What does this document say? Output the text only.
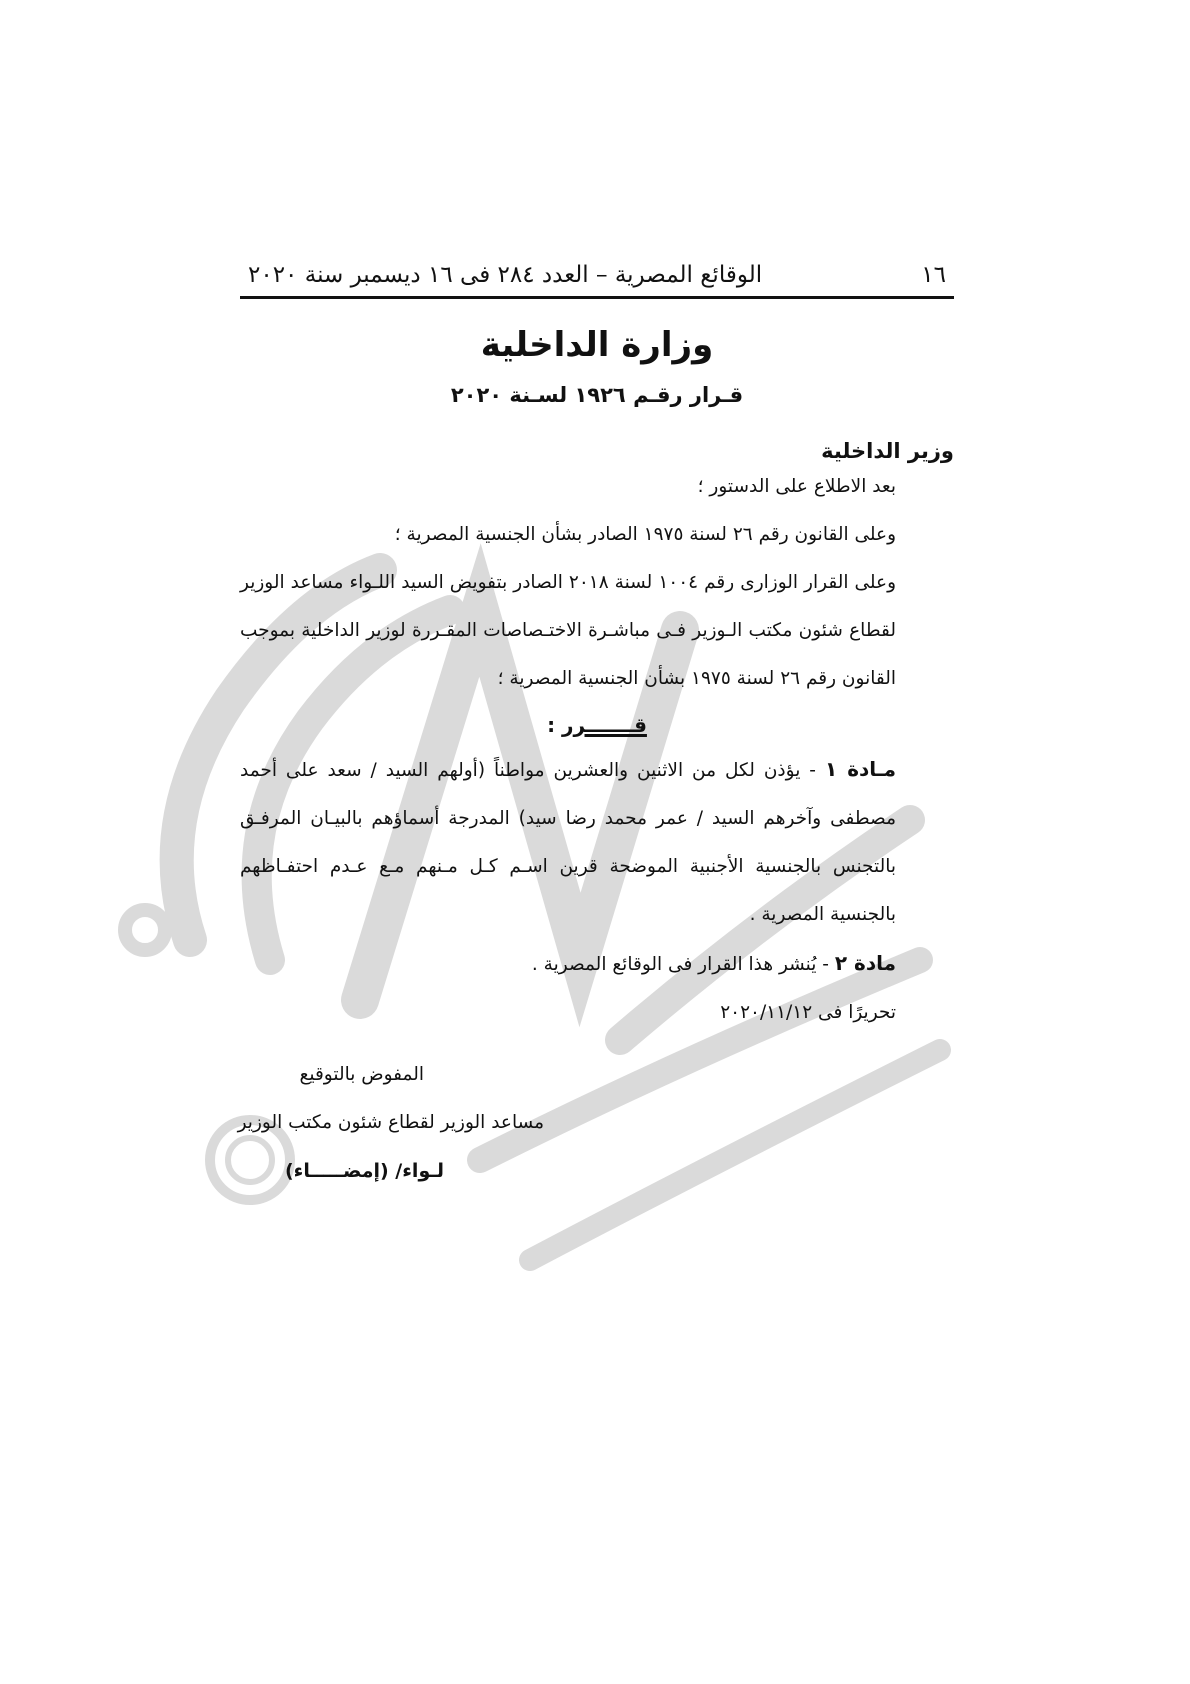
١٦
الوقائع المصرية – العدد ٢٨٤ فى ١٦ ديسمبر سنة ٢٠٢٠
وزارة الداخلية
قـرار رقـم ١٩٢٦ لسـنة ٢٠٢٠
وزير الداخلية
بعد الاطلاع على الدستور ؛
وعلى القانون رقم ٢٦ لسنة ١٩٧٥ الصادر بشأن الجنسية المصرية ؛
وعلى القرار الوزارى رقم ١٠٠٤ لسنة ٢٠١٨ الصادر بتفويض السيد اللـواء مساعد الوزير لقطاع شئون مكتب الـوزير فـى مباشـرة الاختـصاصات المقـررة لوزير الداخلية بموجب القانون رقم ٢٦ لسنة ١٩٧٥ بشأن الجنسية المصرية ؛
قـــــــرر :
مـادة ١ - يؤذن لكل من الاثنين والعشرين مواطناً (أولهم السيد / سعد على أحمد مصطفى وآخرهم السيد / عمر محمد رضا سيد) المدرجة أسماؤهم بالبيـان المرفـق بالتجنس بالجنسية الأجنبية الموضحة قرين اسـم كـل مـنهم مـع عـدم احتفـاظهم بالجنسية المصرية .
مادة ٢ - يُنشر هذا القرار فى الوقائع المصرية .
تحريرًا فى ٢٠٢٠/١١/١٢
المفوض بالتوقيع
مساعد الوزير لقطاع شئون مكتب الوزير
لـواء/ (إمضـــــاء)
